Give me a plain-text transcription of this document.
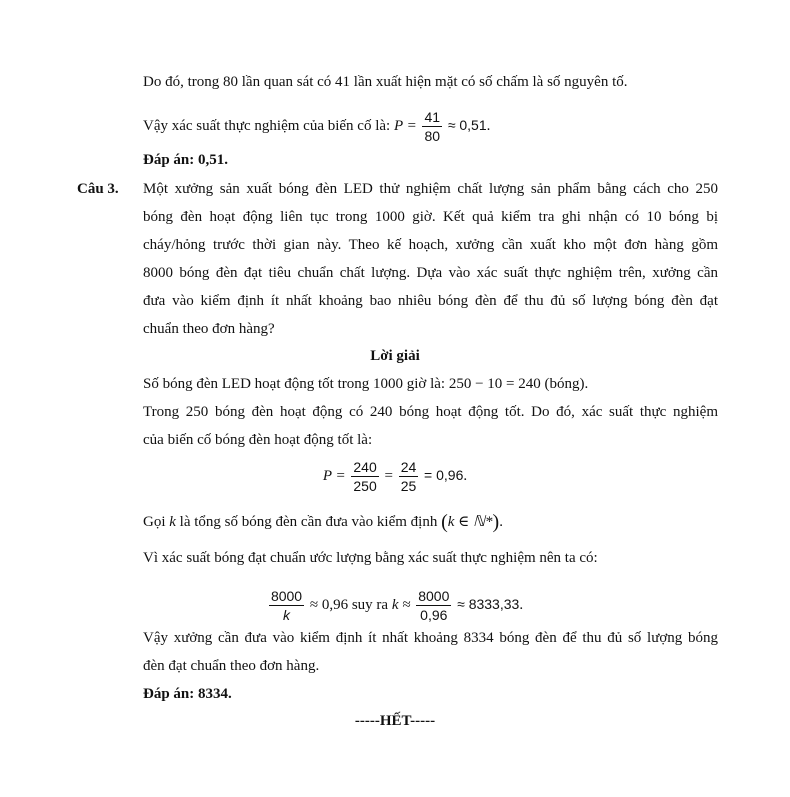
Do đó, trong 80 lần quan sát có 41 lần xuất hiện mặt có số chấm là số nguyên tố.
Vậy xác suất thực nghiệm của biến cố là: $P = \frac{41}{80} \approx 0,51$.
Đáp án: 0,51.
Câu 3. Một xưởng sản xuất bóng đèn LED thử nghiệm chất lượng sản phẩm bằng cách cho 250
bóng đèn hoạt động liên tục trong 1000 giờ. Kết quả kiểm tra ghi nhận có 10 bóng bị
cháy/hỏng trước thời gian này. Theo kế hoạch, xưởng cần xuất kho một đơn hàng gồm
8000 bóng đèn đạt tiêu chuẩn chất lượng. Dựa vào xác suất thực nghiệm trên, xưởng cần
đưa vào kiểm định ít nhất khoảng bao nhiêu bóng đèn để thu đủ số lượng bóng đèn đạt
chuẩn theo đơn hàng?
Lời giải
Số bóng đèn LED hoạt động tốt trong 1000 giờ là: 250 − 10 = 240 (bóng).
Trong 250 bóng đèn hoạt động có 240 bóng hoạt động tốt. Do đó, xác suất thực nghiệm
của biến cố bóng đèn hoạt động tốt là:
$P = \frac{240}{250} = \frac{24}{25} = 0,96$.
Gọi k là tổng số bóng đèn cần đưa vào kiểm định (k ∈ ℕ*).
Vì xác suất bóng đạt chuẩn ước lượng bằng xác suất thực nghiệm nên ta có:
$\frac{8000}{k} \approx 0,96$ suy ra $k \approx \frac{8000}{0,96} \approx 8333,33$.
Vậy xưởng cần đưa vào kiểm định ít nhất khoảng 8334 bóng đèn để thu đủ số lượng bóng
đèn đạt chuẩn theo đơn hàng.
Đáp án: 8334.
-----HẾT-----
